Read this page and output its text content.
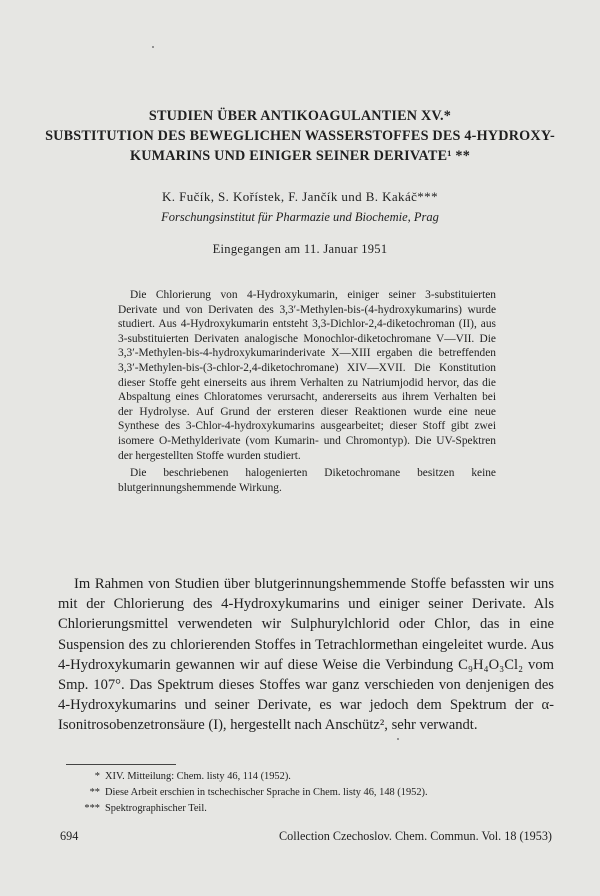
STUDIEN ÜBER ANTIKOAGULANTIEN XV.*
SUBSTITUTION DES BEWEGLICHEN WASSERSTOFFES DES 4-HYDROXY-
KUMARINS UND EINIGER SEINER DERIVATE¹ **
K. Fučík, S. Kořístek, F. Jančík und B. Kakáč***
Forschungsinstitut für Pharmazie und Biochemie, Prag
Eingegangen am 11. Januar 1951

Die Chlorierung von 4-Hydroxykumarin, einiger seiner 3-substituierten Derivate und von Derivaten des 3,3′-Methylen-bis-(4-hydroxykumarins) wurde studiert. Aus 4-Hydroxykumarin entsteht 3,3-Dichlor-2,4-diketochroman (II), aus 3-substituierten Derivaten analogische Monochlor-diketochromane V—VII. Die 3,3′-Methylen-bis-4-hydroxykumarinderivate X—XIII ergaben die betreffenden 3,3′-Methylen-bis-(3-chlor-2,4-diketochromane) XIV—XVII. Die Konstitution dieser Stoffe geht einerseits aus ihrem Verhalten zu Natriumjodid hervor, das die Abspaltung eines Chloratomes verursacht, andererseits aus ihrem Verhalten bei der Hydrolyse. Auf Grund der ersteren dieser Reaktionen wurde eine neue Synthese des 3-Chlor-4-hydroxykumarins ausgearbeitet; dieser Stoff gibt zwei isomere O-Methylderivate (vom Kumarin- und Chromontyp). Die UV-Spektren der hergestellten Stoffe wurden studiert.

Die beschriebenen halogenierten Diketochromane besitzen keine blutgerinnungshemmende Wirkung.

Im Rahmen von Studien über blutgerinnungshemmende Stoffe befassten wir uns mit der Chlorierung des 4-Hydroxykumarins und einiger seiner Derivate. Als Chlorierungsmittel verwendeten wir Sulphurylchlorid oder Chlor, das in eine Suspension des zu chlorierenden Stoffes in Tetrachlormethan eingeleitet wurde. Aus 4-Hydroxykumarin gewannen wir auf diese Weise die Verbindung C₉H₄O₃Cl₂ vom Smp. 107°. Das Spektrum dieses Stoffes war ganz verschieden von denjenigen des 4-Hydroxykumarins und seiner Derivate, es war jedoch dem Spektrum der α-Isonitrosobenzetronsäure (I), hergestellt nach Anschütz², sehr verwandt.

* XIV. Mitteilung: Chem. listy 46, 114 (1952).
** Diese Arbeit erschien in tschechischer Sprache in Chem. listy 46, 148 (1952).
*** Spektrographischer Teil.
694	Collection Czechoslov. Chem. Commun. Vol. 18 (1953)
